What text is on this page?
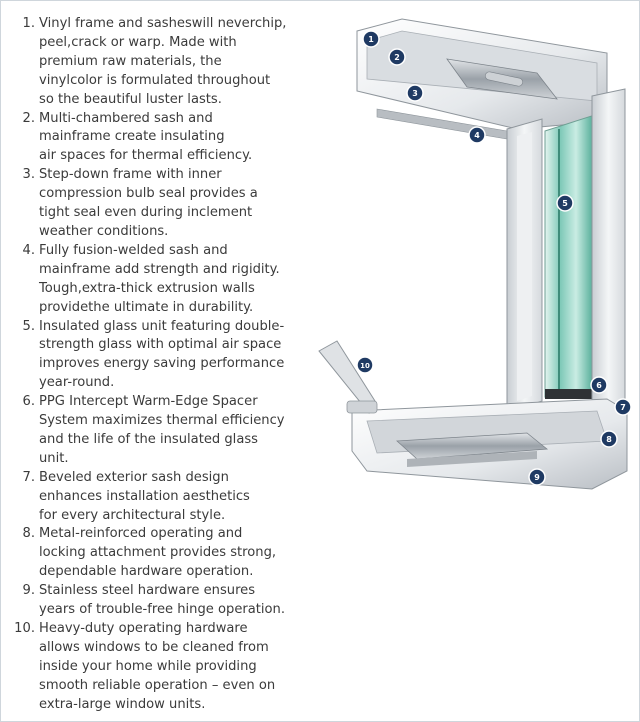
1. Vinyl frame and sasheswill neverchip,
peel,crack or warp. Made with
premium raw materials, the
vinylcolor is formulated throughout
so the beautiful luster lasts.
2. Multi-chambered sash and
mainframe create insulating
air spaces for thermal efficiency.
3. Step-down frame with inner
compression bulb seal provides a
tight seal even during inclement
weather conditions.
4. Fully fusion-welded sash and
mainframe add strength and rigidity.
Tough,extra-thick extrusion walls
providethe ultimate in durability.
5. Insulated glass unit featuring double-
strength glass with optimal air space
improves energy saving performance
year-round.
6. PPG Intercept Warm-Edge Spacer
System maximizes thermal efficiency
and the life of the insulated glass
unit.
7. Beveled exterior sash design
enhances installation aesthetics
for every architectural style.
8. Metal-reinforced operating and
locking attachment provides strong,
dependable hardware operation.
9. Stainless steel hardware ensures
years of trouble-free hinge operation.
10. Heavy-duty operating hardware
allows windows to be cleaned from
inside your home while providing
smooth reliable operation – even on
extra-large window units.
1
2
3
4
5
6
7
8
9
10
